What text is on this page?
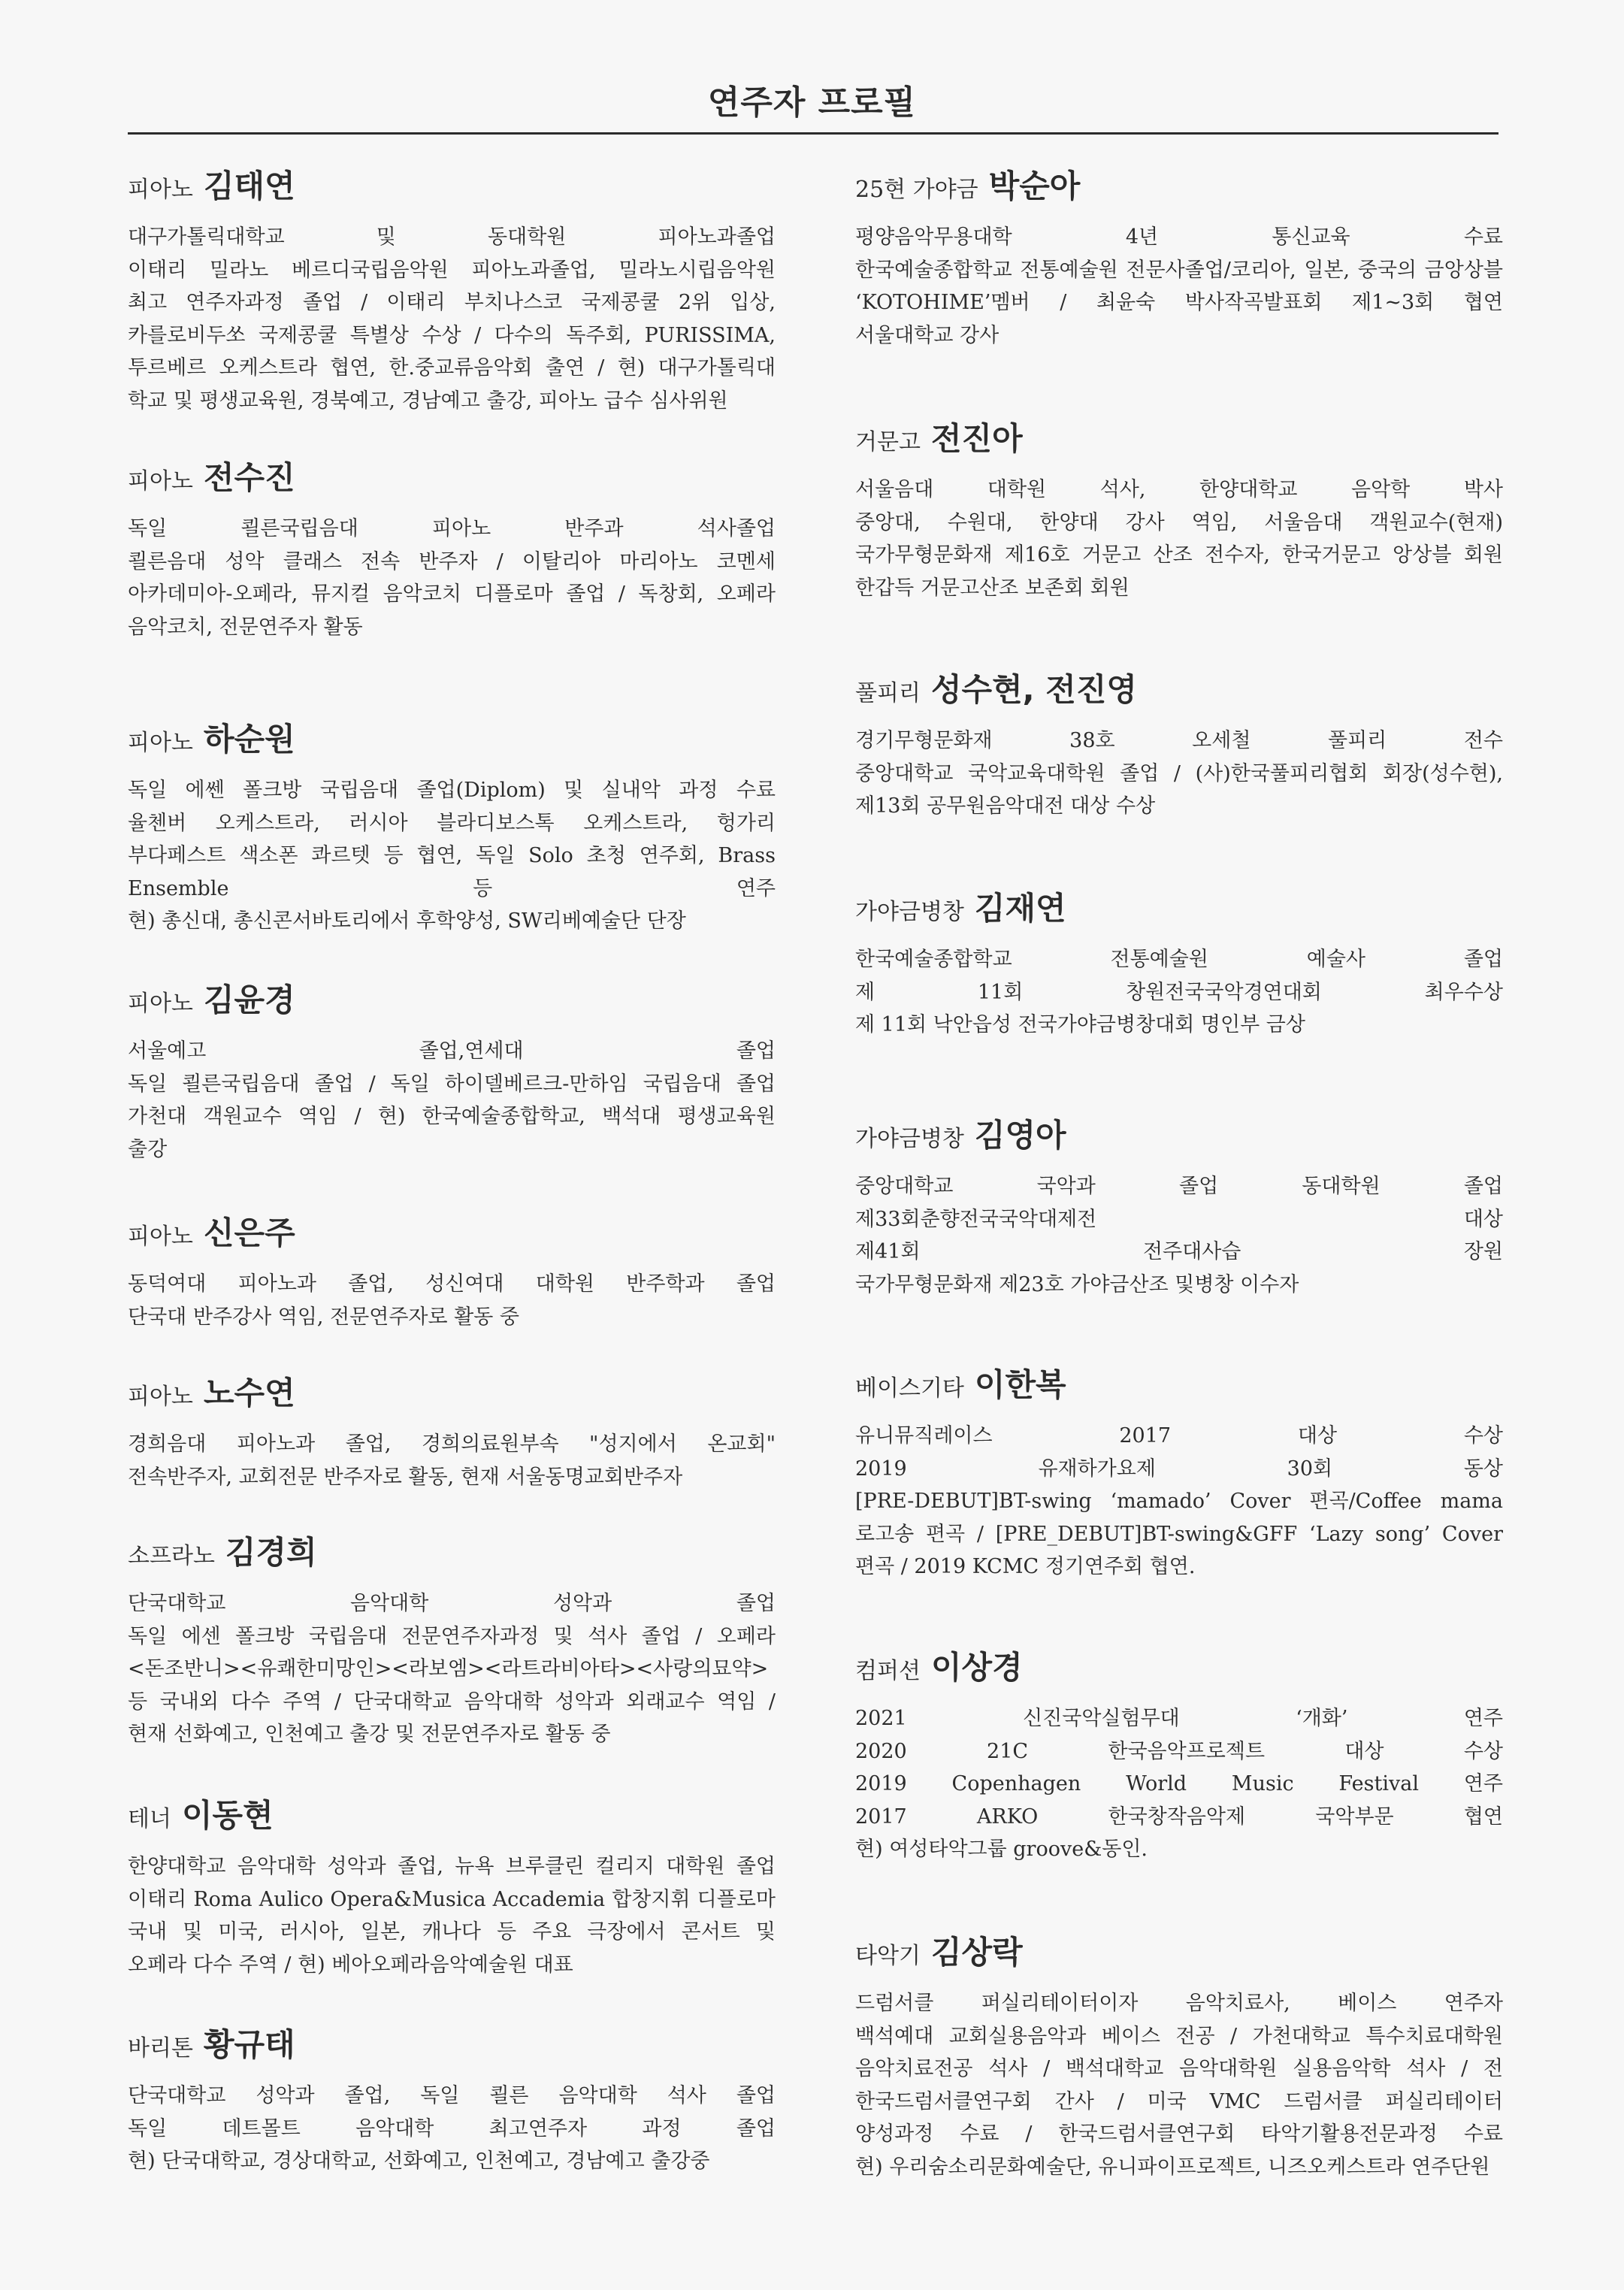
연주자 프로필
피아노 김태연
대구가톨릭대학교 및 동대학원 피아노과졸업
이태리 밀라노 베르디국립음악원 피아노과졸업, 밀라노시립음악원
최고 연주자과정 졸업 / 이태리 부치나스코 국제콩쿨 2위 입상,
카를로비두쏘 국제콩쿨 특별상 수상 / 다수의 독주회, PURISSIMA,
투르베르 오케스트라 협연, 한.중교류음악회 출연 / 현) 대구가톨릭대
학교 및 평생교육원, 경북예고, 경남예고 출강, 피아노 급수 심사위원
피아노 전수진
독일 쾰른국립음대 피아노 반주과 석사졸업
쾰른음대 성악 클래스 전속 반주자 / 이탈리아 마리아노 코멘세
아카데미아-오페라, 뮤지컬 음악코치 디플로마 졸업 / 독창회, 오페라
음악코치, 전문연주자 활동
피아노 하순원
독일 에쎈 폴크방 국립음대 졸업(Diplom) 및 실내악 과정 수료
율첸버 오케스트라, 러시아 블라디보스톡 오케스트라, 헝가리
부다페스트 색소폰 콰르텟 등 협연, 독일 Solo 초청 연주회, Brass
Ensemble 등 연주
현) 총신대, 총신콘서바토리에서 후학양성, SW리베예술단 단장
피아노 김윤경
서울예고 졸업,연세대 졸업
독일 쾰른국립음대 졸업 / 독일 하이델베르크-만하임 국립음대 졸업
가천대 객원교수 역임 / 현) 한국예술종합학교, 백석대 평생교육원
출강
피아노 신은주
동덕여대 피아노과 졸업, 성신여대 대학원 반주학과 졸업
단국대 반주강사 역임, 전문연주자로 활동 중
피아노 노수연
경희음대 피아노과 졸업, 경희의료원부속 "성지에서 온교회"
전속반주자, 교회전문 반주자로 활동, 현재 서울동명교회반주자
소프라노 김경희
단국대학교 음악대학 성악과 졸업
독일 에센 폴크방 국립음대 전문연주자과정 및 석사 졸업 / 오페라
<돈조반니><유쾌한미망인><라보엠><라트라비아타><사랑의묘약>
등 국내외 다수 주역 / 단국대학교 음악대학 성악과 외래교수 역임 /
현재 선화예고, 인천예고 출강 및 전문연주자로 활동 중
테너 이동현
한양대학교 음악대학 성악과 졸업, 뉴욕 브루클린 컬리지 대학원 졸업
이태리 Roma Aulico Opera&Musica Accademia 합창지휘 디플로마
국내 및 미국, 러시아, 일본, 캐나다 등 주요 극장에서 콘서트 및
오페라 다수 주역 / 현) 베아오페라음악예술원 대표
바리톤 황규태
단국대학교 성악과 졸업, 독일 쾰른 음악대학 석사 졸업
독일 데트몰트 음악대학 최고연주자 과정 졸업
현) 단국대학교, 경상대학교, 선화예고, 인천예고, 경남예고 출강중
25현 가야금 박순아
평양음악무용대학 4년 통신교육 수료
한국예술종합학교 전통예술원 전문사졸업/코리아, 일본, 중국의 금앙상블
‘KOTOHIME’멤버 / 최윤숙 박사작곡발표회 제1~3회 협연
서울대학교 강사
거문고 전진아
서울음대 대학원 석사, 한양대학교 음악학 박사
중앙대, 수원대, 한양대 강사 역임, 서울음대 객원교수(현재)
국가무형문화재 제16호 거문고 산조 전수자, 한국거문고 앙상블 회원
한갑득 거문고산조 보존회 회원
풀피리 성수현, 전진영
경기무형문화재 38호 오세철 풀피리 전수
중앙대학교 국악교육대학원 졸업 / (사)한국풀피리협회 회장(성수현),
제13회 공무원음악대전 대상 수상
가야금병창 김재연
한국예술종합학교 전통예술원 예술사 졸업
제 11회 창원전국국악경연대회 최우수상
제 11회 낙안읍성 전국가야금병창대회 명인부 금상
가야금병창 김영아
중앙대학교 국악과 졸업 동대학원 졸업
제33회춘향전국국악대제전 대상
제41회 전주대사습 장원
국가무형문화재 제23호 가야금산조 및병창 이수자
베이스기타 이한복
유니뮤직레이스 2017 대상 수상
2019 유재하가요제 30회 동상
[PRE-DEBUT]BT-swing ‘mamado’ Cover 편곡/Coffee mama
로고송 편곡 / [PRE_DEBUT]BT-swing&GFF ‘Lazy song’ Cover
편곡 / 2019 KCMC 정기연주회 협연.
컴퍼션 이상경
2021 신진국악실험무대 ‘개화’ 연주
2020 21C 한국음악프로젝트 대상 수상
2019 Copenhagen World Music Festival 연주
2017 ARKO 한국창작음악제 국악부문 협연
현) 여성타악그룹 groove&동인.
타악기 김상락
드럼서클 퍼실리테이터이자 음악치료사, 베이스 연주자
백석예대 교회실용음악과 베이스 전공 / 가천대학교 특수치료대학원
음악치료전공 석사 / 백석대학교 음악대학원 실용음악학 석사 / 전
한국드럼서클연구회 간사 / 미국 VMC 드럼서클 퍼실리테이터
양성과정 수료 / 한국드럼서클연구회 타악기활용전문과정 수료
현) 우리숨소리문화예술단, 유니파이프로젝트, 니즈오케스트라 연주단원
